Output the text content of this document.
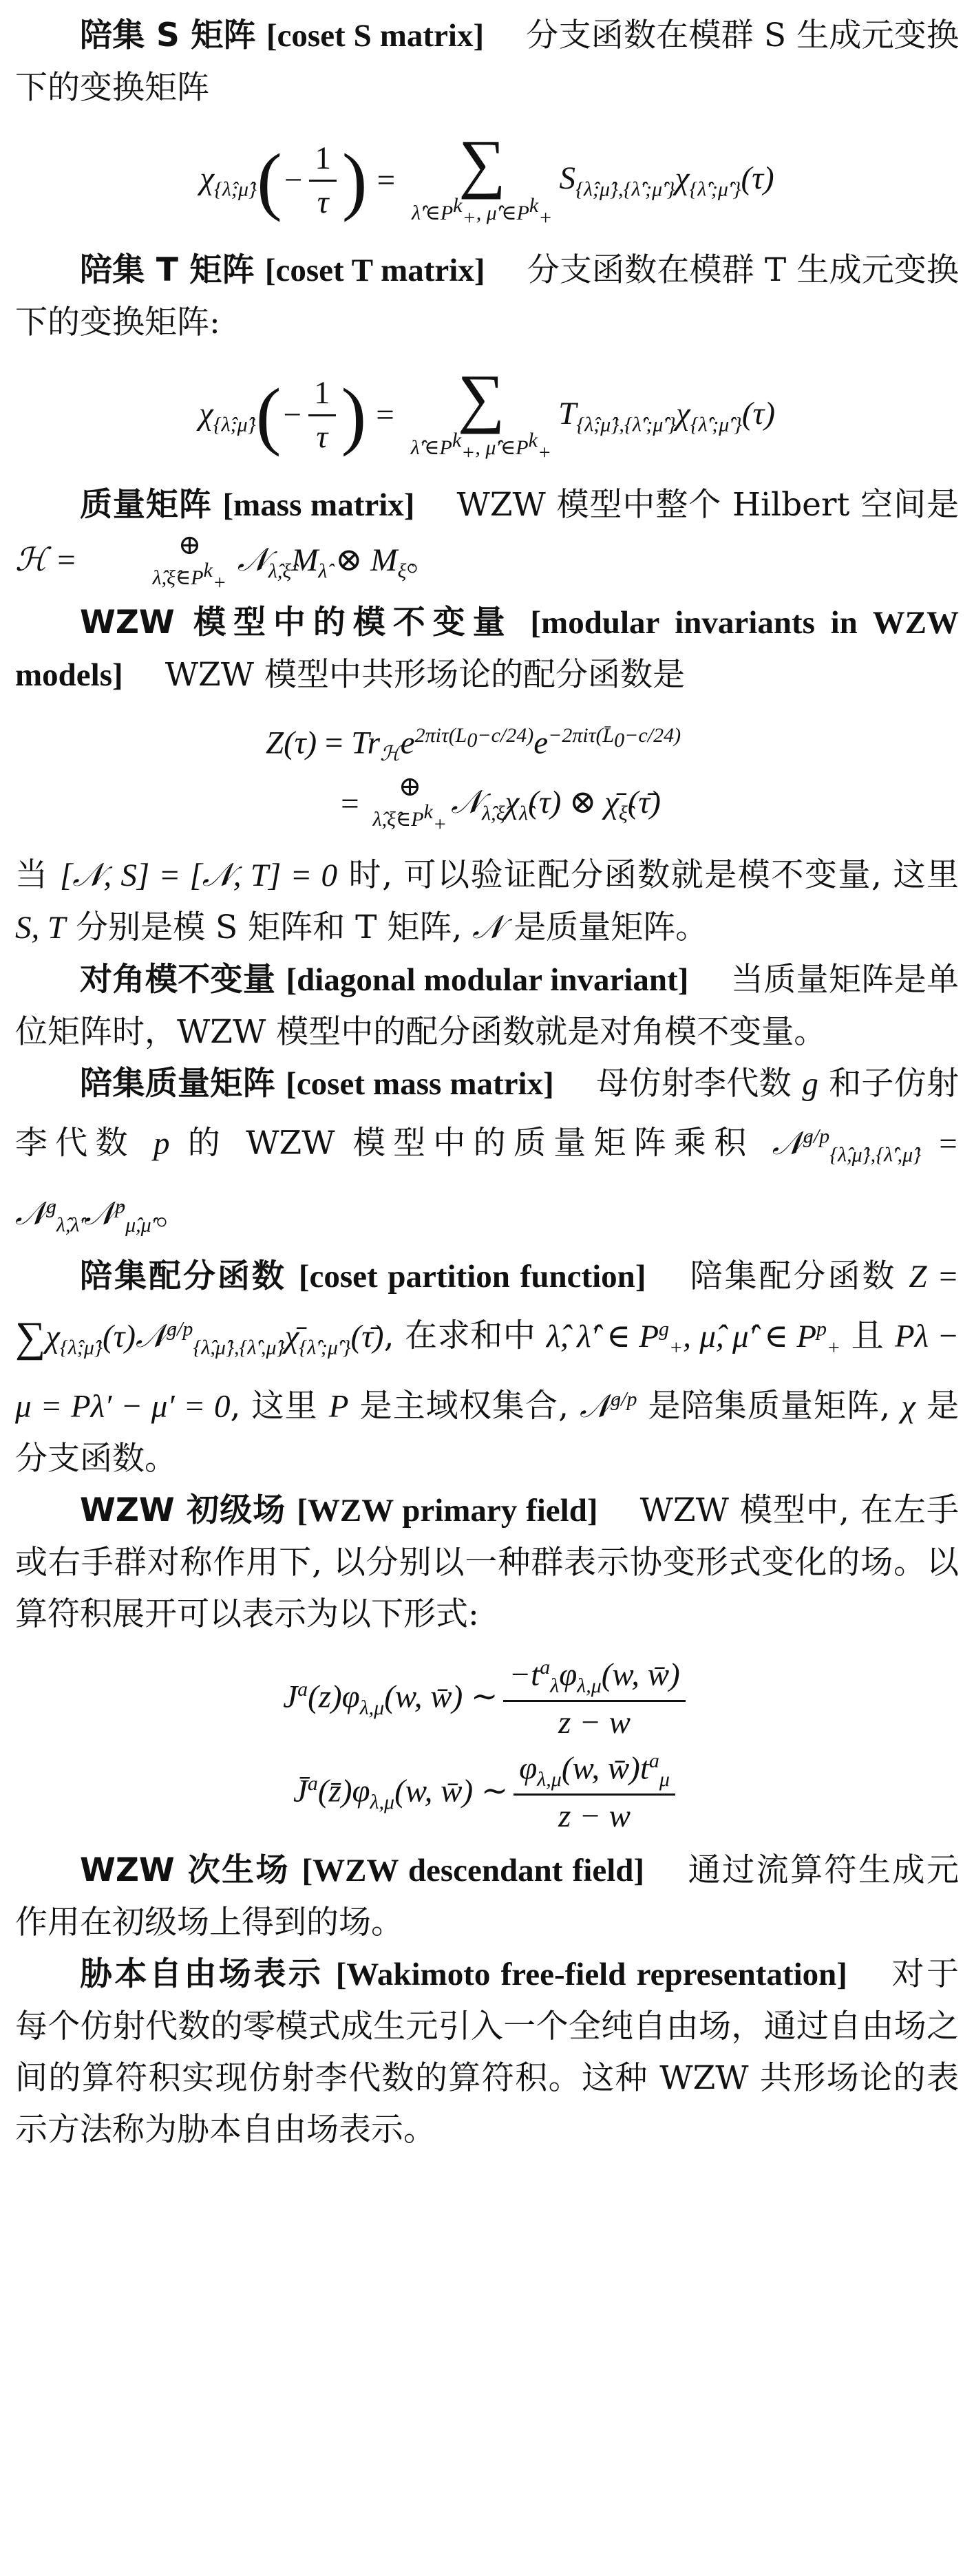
陪集 S 矩阵 [coset S matrix] 分支函数在模群 S 生成元变换下的变换矩阵

$\chi_{\{\lambdâ;\mû\}}$ ( − $\frac{1}{\tau}$ ) = ∑
λ̂′∈Pk+, μ̂′∈Pk+
$S_{\{\lambdâ;\mû\},\{\lambdâ';\mû'\}}\chi_{\{\lambdâ';\mû'\}}(\tau)$

陪集 T 矩阵 [coset T matrix] 分支函数在模群 T 生成元变换下的变换矩阵:

$\chi_{\{\lambdâ;\mû\}}$ ( − $\frac{1}{\tau}$ ) = ∑
λ̂′∈Pk+, μ̂′∈Pk+
$T_{\{\lambdâ;\mû\},\{\lambdâ';\mû'\}}\chi_{\{\lambdâ';\mû'\}}(\tau)$

质量矩阵 [mass matrix] WZW 模型中整个 Hilbert 空间是 ℋ =	⊕
λ̂,ξ̂∈Pk+
$𝒩_{\lambdâ,\xî}M_{\lambdâ}$ ⊗ $M_{\xî}$。

WZW 模型中的模不变量 [modular invariants in WZW models] WZW 模型中共形场论的配分函数是

$Z(\tau) = Tr_ℋe^{2\pi i\tau(L0-c/24)}e^{-2\pi i\tau(L̄0-c/24)}$
= ⊕
λ̂,ξ̂∈Pk+
$𝒩_{\lambdâ,\xî}\chi_{\lambdâ}(\tau)$ ⊗ $\chī_{\xî}(\taū)$

当 [𝒩, S] = [𝒩, T] = 0 时, 可以验证配分函数就是模不变量, 这里 S, T 分别是模 S 矩阵和 T 矩阵, 𝒩 是质量矩阵。

对角模不变量 [diagonal modular invariant] 当质量矩阵是单位矩阵时，WZW 模型中的配分函数就是对角模不变量。

陪集质量矩阵 [coset mass matrix] 母仿射李代数 g 和子仿射李代数 p 的 WZW 模型中的质量矩阵乘积 𝒩$^{g/p}_{\{\lambdâ,\mû\},\{\lambdâ',\mû\}}$ = 𝒩$^g_{\lambdâ,\lambdâ'}$𝒩$^p_{\mû,\mû'}$。

陪集配分函数 [coset partition function] 陪集配分函数 $Z = \sum\chi_{\{\lambdâ;\mû\}}(\tau)𝒩^{g/p}_{\{\lambdâ,\mû\},\{\lambdâ',\mû\}}\chī_{\{\lambdâ';\mû'\}}(\taū)$, 在求和中 λ̂, λ̂′ ∈ $P^g_+$, μ̂, μ̂′ ∈ $P^p_+$ 且 Pλ − μ = Pλ′ − μ′ = 0, 这里 P 是主域权集合, 𝒩$^{g/p}$ 是陪集质量矩阵, χ 是分支函数。

WZW 初级场 [WZW primary field] WZW 模型中, 在左手或右手群对称作用下, 以分别以一种群表示协变形式变化的场。以算符积展开可以表示为以下形式:

$J^a(z)\varphi_{\lambda,\mu}(w$, w̄) ∼ $\frac{-t^a_\lambda\varphi_{\lambda,\mu}(w, w̄)}{z - w}$
$J̄^a(z̄)\varphi_{\lambda,\mu}(w$, w̄) ∼ $\frac{\varphi_{\lambda,\mu}(w, w̄)t^a_\mu}{z - w}$

WZW 次生场 [WZW descendant field] 通过流算符生成元作用在初级场上得到的场。

胁本自由场表示 [Wakimoto free-field representation] 对于每个仿射代数的零模式成生元引入一个全纯自由场，通过自由场之间的算符积实现仿射李代数的算符积。这种 WZW 共形场论的表示方法称为胁本自由场表示。
